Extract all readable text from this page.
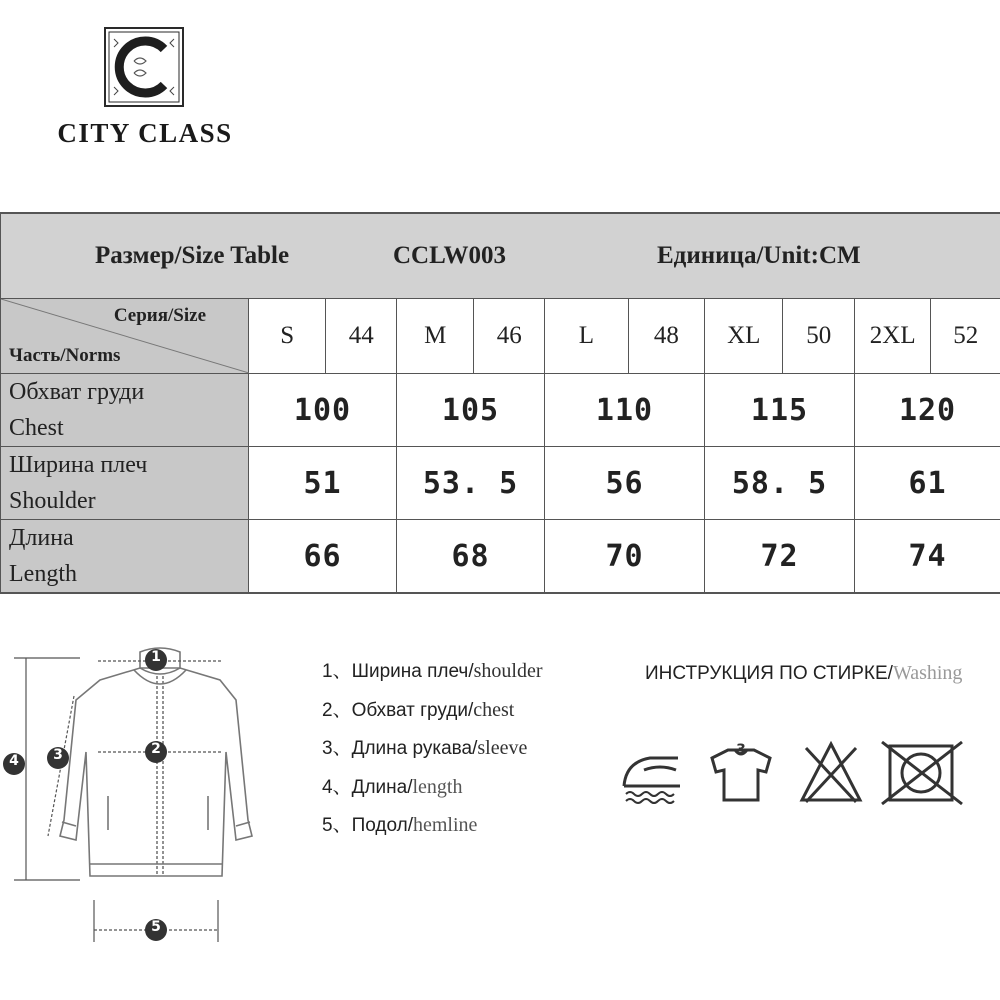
CITY CLASS
Размер/Size Table CCLW003 Единица/Unit:CM					

Серия/Size
Часть/Norms	S 44	M 46	L 48	XL 50	2XL 52

Обхват груди
Chest	100	105	110	115	120

Ширина плеч
Shoulder	51	53. 5	56	58. 5	61

Длина
Length	66	68	70	72	74
1
2
3
4
5
1、Ширина плеч/shoulder
2、Обхват груди/chest
3、Длина рукава/sleeve
4、Длина/length
5、Подол/hemline
ИНСТРУКЦИЯ ПО СТИРКЕ/Washing
3
